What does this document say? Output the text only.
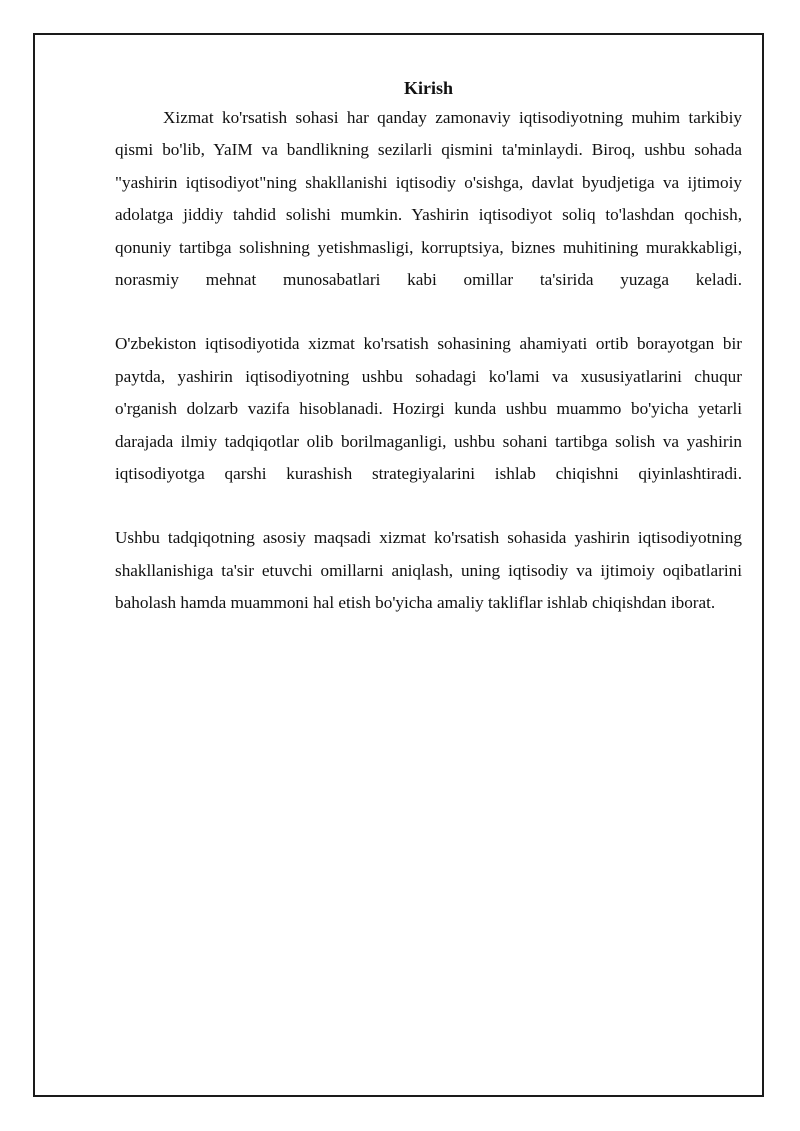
Kirish

Xizmat ko'rsatish sohasi har qanday zamonaviy iqtisodiyotning muhim tarkibiy qismi bo'lib, YaIM va bandlikning sezilarli qismini ta'minlaydi. Biroq, ushbu sohada "yashirin iqtisodiyot"ning shakllanishi iqtisodiy o'sishga, davlat byudjetiga va ijtimoiy adolatga jiddiy tahdid solishi mumkin. Yashirin iqtisodiyot soliq to'lashdan qochish, qonuniy tartibga solishning yetishmasligi, korruptsiya, biznes muhitining murakkabligi, norasmiy mehnat munosabatlari kabi omillar ta'sirida yuzaga keladi.

O'zbekiston iqtisodiyotida xizmat ko'rsatish sohasining ahamiyati ortib borayotgan bir paytda, yashirin iqtisodiyotning ushbu sohadagi ko'lami va xususiyatlarini chuqur o'rganish dolzarb vazifa hisoblanadi. Hozirgi kunda ushbu muammo bo'yicha yetarli darajada ilmiy tadqiqotlar olib borilmaganligi, ushbu sohani tartibga solish va yashirin iqtisodiyotga qarshi kurashish strategiyalarini ishlab chiqishni qiyinlashtiradi.

Ushbu tadqiqotning asosiy maqsadi xizmat ko'rsatish sohasida yashirin iqtisodiyotning shakllanishiga ta'sir etuvchi omillarni aniqlash, uning iqtisodiy va ijtimoiy oqibatlarini baholash hamda muammoni hal etish bo'yicha amaliy takliflar ishlab chiqishdan iborat.
